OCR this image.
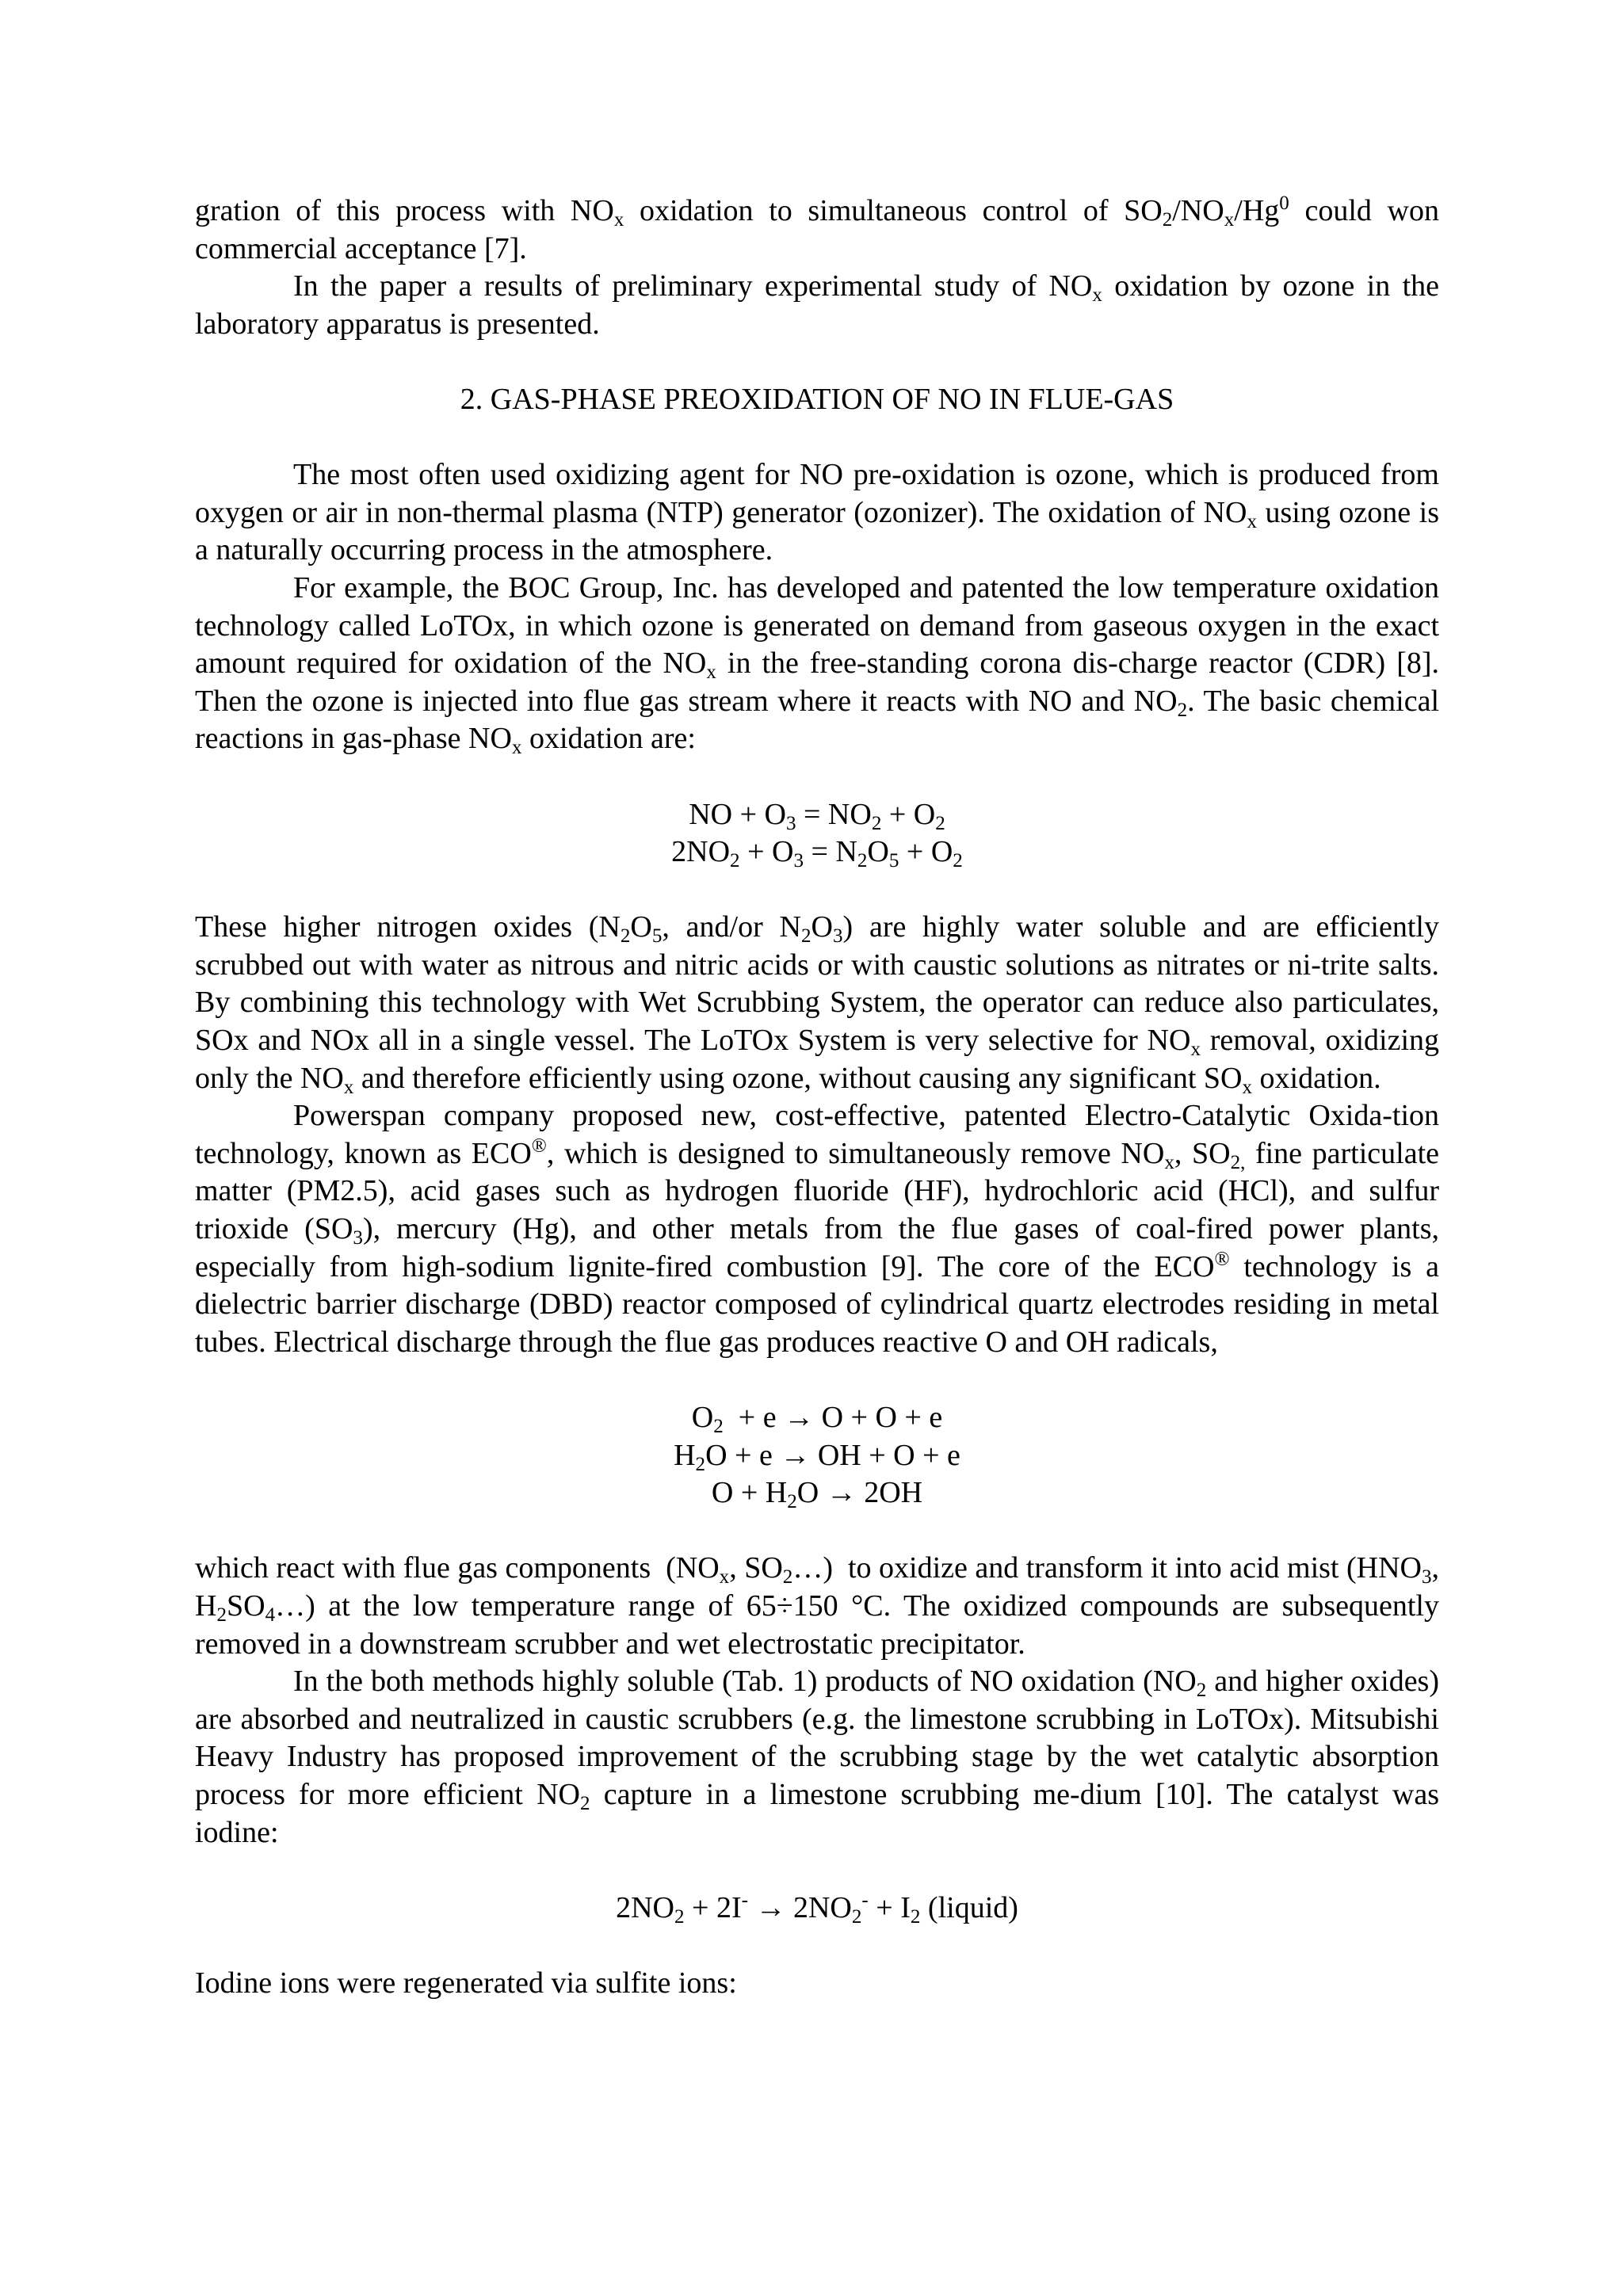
gration of this process with NOx oxidation to simultaneous control of SO2/NOx/Hg$^0$ could won commercial acceptance [7].

In the paper a results of preliminary experimental study of NOx oxidation by ozone in the laboratory apparatus is presented.

2. GAS-PHASE PREOXIDATION OF NO IN FLUE-GAS

The most often used oxidizing agent for NO pre-oxidation is ozone, which is produced from oxygen or air in non-thermal plasma (NTP) generator (ozonizer). The oxidation of NOx using ozone is a naturally occurring process in the atmosphere.

For example, the BOC Group, Inc. has developed and patented the low temperature oxidation technology called LoTOx, in which ozone is generated on demand from gaseous oxygen in the exact amount required for oxidation of the NOx in the free-standing corona dis-charge reactor (CDR) [8]. Then the ozone is injected into flue gas stream where it reacts with NO and NO2. The basic chemical reactions in gas-phase NOx oxidation are:

NO + O3 = NO2 + O2
2NO2 + O3 = N2O5 + O2

These higher nitrogen oxides (N2O5, and/or N2O3) are highly water soluble and are efficiently scrubbed out with water as nitrous and nitric acids or with caustic solutions as nitrates or ni-trite salts. By combining this technology with Wet Scrubbing System, the operator can reduce also particulates, SOx and NOx all in a single vessel. The LoTOx System is very selective for NOx removal, oxidizing only the NOx and therefore efficiently using ozone, without causing any significant SOx oxidation.

Powerspan company proposed new, cost-effective, patented Electro-Catalytic Oxida-tion technology, known as ECO®, which is designed to simultaneously remove NOx, SO2, fine particulate matter (PM2.5), acid gases such as hydrogen fluoride (HF), hydrochloric acid (HCl), and sulfur trioxide (SO3), mercury (Hg), and other metals from the flue gases of coal-fired power plants, especially from high-sodium lignite-fired combustion [9]. The core of the ECO® technology is a dielectric barrier discharge (DBD) reactor composed of cylindrical quartz electrodes residing in metal tubes. Electrical discharge through the flue gas produces reactive O and OH radicals,

O2  + e → O + O + e
H2O + e → OH + O + e
O + H2O → 2OH

which react with flue gas components  (NOx, SO2…)  to oxidize and transform it into acid mist (HNO3, H2SO4…) at the low temperature range of 65÷150 °C. The oxidized compounds are subsequently removed in a downstream scrubber and wet electrostatic precipitator.

In the both methods highly soluble (Tab. 1) products of NO oxidation (NO2 and higher oxides) are absorbed and neutralized in caustic scrubbers (e.g. the limestone scrubbing in LoTOx). Mitsubishi Heavy Industry has proposed improvement of the scrubbing stage by the wet catalytic absorption process for more efficient NO2 capture in a limestone scrubbing me-dium [10]. The catalyst was iodine:

2NO2 + 2I- → 2NO2- + I2 (liquid)

Iodine ions were regenerated via sulfite ions:
